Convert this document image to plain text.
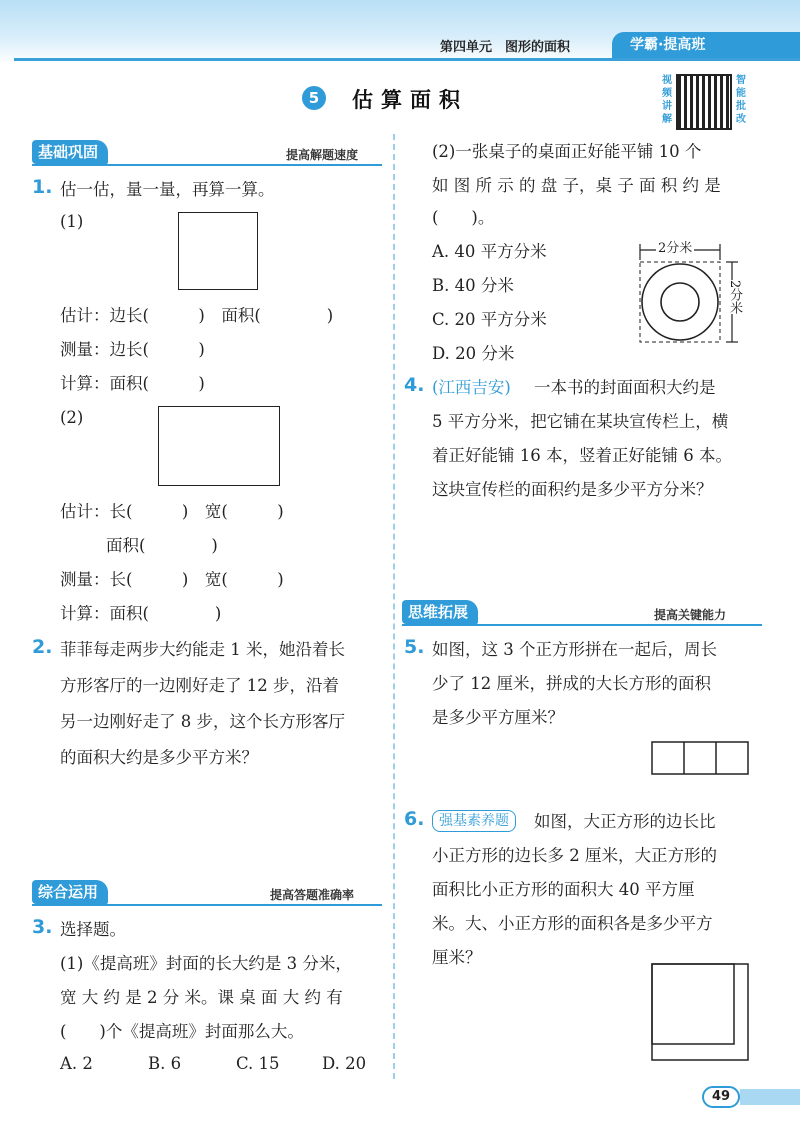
第四单元　图形的面积	学霸·提高班
5	估算面积
视频讲解
智能批改
基础巩固	提高解题速度
1. 估一估，量一量，再算一算。
(1)
估计：边长(　　　)　面积(　　　　)
测量：边长(　　　)
计算：面积(　　　)
(2)
估计：长(　　　)　宽(　　　)
面积(　　　　)
测量：长(　　　)　宽(　　　)
计算：面积(　　　　)
2. 菲菲每走两步大约能走 1 米，她沿着长
方形客厅的一边刚好走了 12 步，沿着
另一边刚好走了 8 步，这个长方形客厅
的面积大约是多少平方米？
综合运用	提高答题准确率
3. 选择题。
(1)《提高班》封面的长大约是 3 分米，
宽 大 约 是 2 分 米。课 桌 面 大 约 有
(　　)个《提高班》封面那么大。
A. 2	B. 6	C. 15	D. 20
(2)一张桌子的桌面正好能平铺 10 个
如 图 所 示 的 盘 子，桌 子 面 积 约 是
(　　)。
A. 40 平方分米
B. 40 分米
C. 20 平方分米
D. 20 分米
2分米
2分米
4. (江西吉安) 一本书的封面面积大约是
5 平方分米，把它铺在某块宣传栏上，横
着正好能铺 16 本，竖着正好能铺 6 本。
这块宣传栏的面积约是多少平方分米？
思维拓展	提高关键能力
5. 如图，这 3 个正方形拼在一起后，周长
少了 12 厘米，拼成的大长方形的面积
是多少平方厘米？
6.	强基素养题	如图，大正方形的边长比
小正方形的边长多 2 厘米，大正方形的
面积比小正方形的面积大 40 平方厘
米。大、小正方形的面积各是多少平方
厘米？
49
